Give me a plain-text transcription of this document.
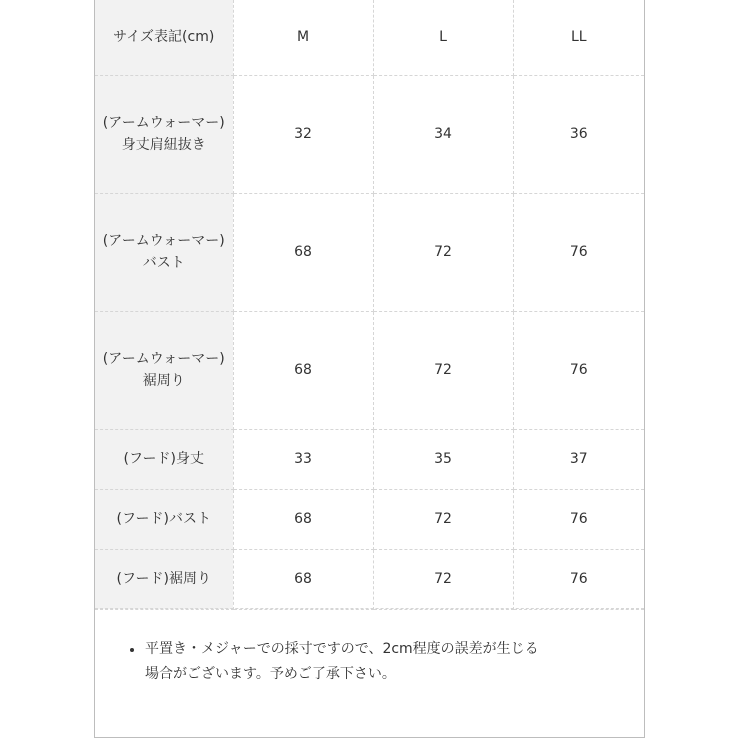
サイズ表記(cm)	M	L	LL
(アームウォーマー)
身丈肩紐抜き	32	34	36
(アームウォーマー)
バスト	68	72	76
(アームウォーマー)
裾周り	68	72	76
(フード)身丈	33	35	37
(フード)バスト	68	72	76
(フード)裾周り	68	72	76
平置き・メジャーでの採寸ですので、2cm程度の誤差が生じる
場合がございます。予めご了承下さい。
